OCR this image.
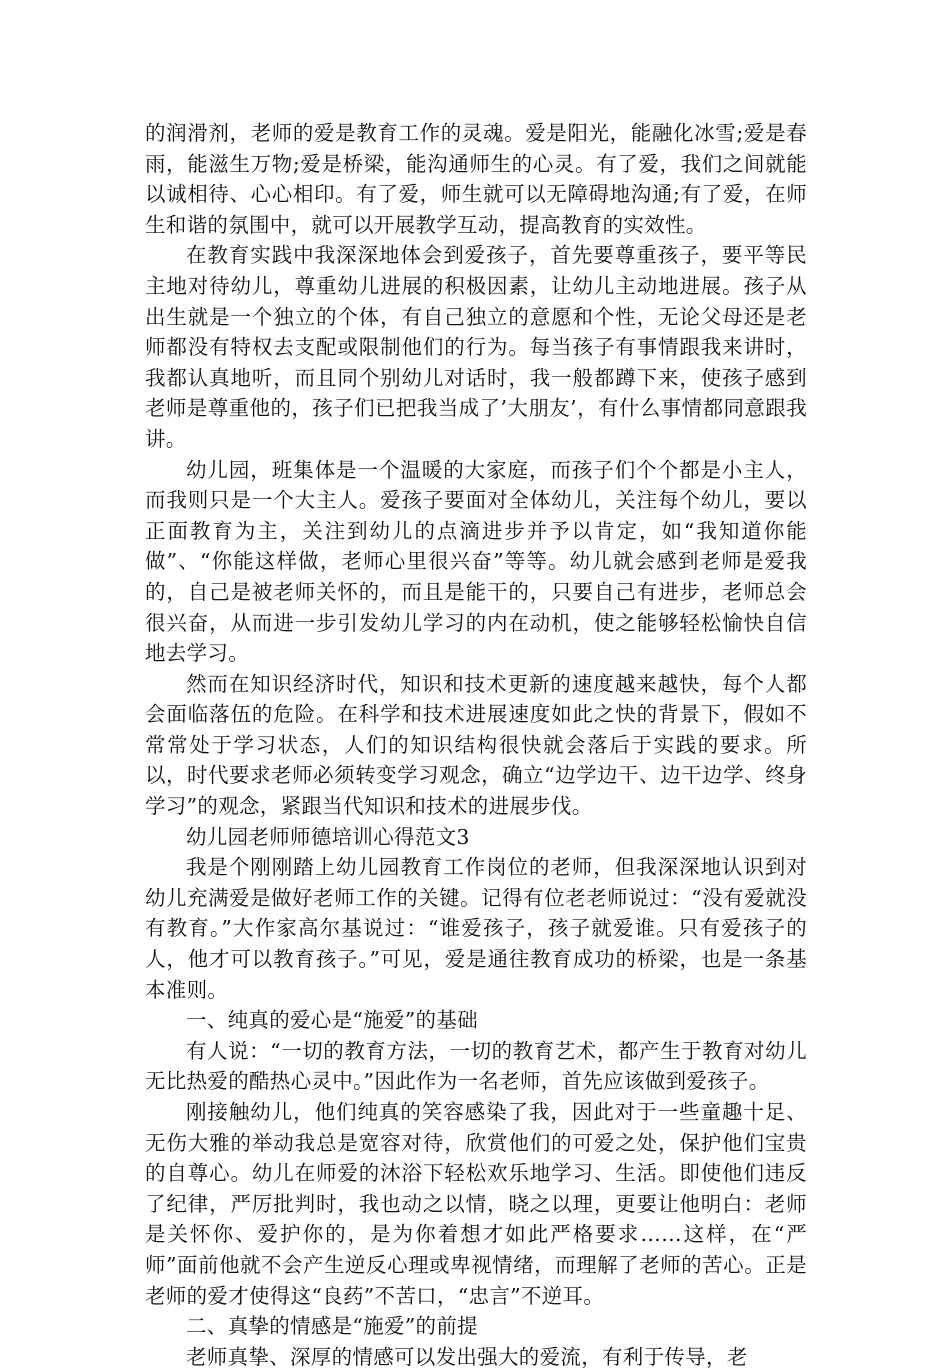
的润滑剂，老师的爱是教育工作的灵魂。爱是阳光，能融化冰雪;爱是春雨，能滋生万物;爱是桥梁，能沟通师生的心灵。有了爱，我们之间就能以诚相待、心心相印。有了爱，师生就可以无障碍地沟通;有了爱，在师生和谐的氛围中，就可以开展教学互动，提高教育的实效性。

在教育实践中我深深地体会到爱孩子，首先要尊重孩子，要平等民主地对待幼儿，尊重幼儿进展的积极因素，让幼儿主动地进展。孩子从出生就是一个独立的个体，有自己独立的意愿和个性，无论父母还是老师都没有特权去支配或限制他们的行为。每当孩子有事情跟我来讲时，我都认真地听，而且同个别幼儿对话时，我一般都蹲下来，使孩子感到老师是尊重他的，孩子们已把我当成了’大朋友’，有什么事情都同意跟我讲。

幼儿园，班集体是一个温暖的大家庭，而孩子们个个都是小主人，而我则只是一个大主人。爱孩子要面对全体幼儿，关注每个幼儿，要以正面教育为主，关注到幼儿的点滴进步并予以肯定，如“我知道你能做”、“你能这样做，老师心里很兴奋”等等。幼儿就会感到老师是爱我的，自己是被老师关怀的，而且是能干的，只要自己有进步，老师总会很兴奋，从而进一步引发幼儿学习的内在动机，使之能够轻松愉快自信地去学习。

然而在知识经济时代，知识和技术更新的速度越来越快，每个人都会面临落伍的危险。在科学和技术进展速度如此之快的背景下，假如不常常处于学习状态，人们的知识结构很快就会落后于实践的要求。所以，时代要求老师必须转变学习观念，确立“边学边干、边干边学、终身学习”的观念，紧跟当代知识和技术的进展步伐。

幼儿园老师师德培训心得范文3

我是个刚刚踏上幼儿园教育工作岗位的老师，但我深深地认识到对幼儿充满爱是做好老师工作的关键。记得有位老老师说过：“没有爱就没有教育。”大作家高尔基说过：“谁爱孩子，孩子就爱谁。只有爱孩子的人，他才可以教育孩子。”可见，爱是通往教育成功的桥梁，也是一条基本准则。

一、纯真的爱心是“施爱”的基础

有人说：“一切的教育方法，一切的教育艺术，都产生于教育对幼儿无比热爱的酷热心灵中。”因此作为一名老师，首先应该做到爱孩子。

刚接触幼儿，他们纯真的笑容感染了我，因此对于一些童趣十足、无伤大雅的举动我总是宽容对待，欣赏他们的可爱之处，保护他们宝贵的自尊心。幼儿在师爱的沐浴下轻松欢乐地学习、生活。即使他们违反了纪律，严厉批判时，我也动之以情，晓之以理，更要让他明白：老师是关怀你、爱护你的，是为你着想才如此严格要求……这样，在“严师”面前他就不会产生逆反心理或卑视情绪，而理解了老师的苦心。正是老师的爱才使得这“良药”不苦口，“忠言”不逆耳。

二、真挚的情感是“施爱”的前提

老师真挚、深厚的情感可以发出强大的爱流，有利于传导，老
